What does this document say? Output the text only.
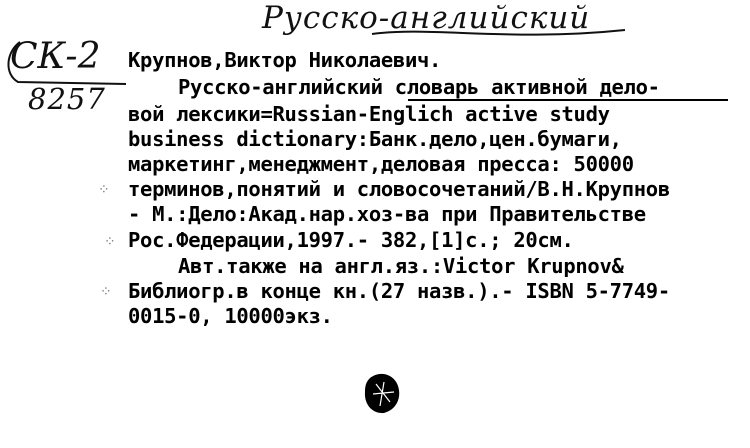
Русско-английский
СК-2
8257
Крупнов,Виктор Николаевич.
Русско-английский словарь активной дело-
вой лексики=Russian-Englich active study
business dictionary:Банк.дело,цен.бумаги,
маркетинг,менеджмент,деловая пресса: 50000
⁘ терминов,понятий и словосочетаний/В.Н.Крупнов
- М.:Дело:Акад.нар.хоз-ва при Правительстве
⁘ Рос.Федерации,1997.- 382,[1]с.; 20см.
Авт.также на англ.яз.:Victor Krupnov&
⁘ Библиогр.в конце кн.(27 назв.).- ISBN 5-7749-
0015-0, 10000экз.
